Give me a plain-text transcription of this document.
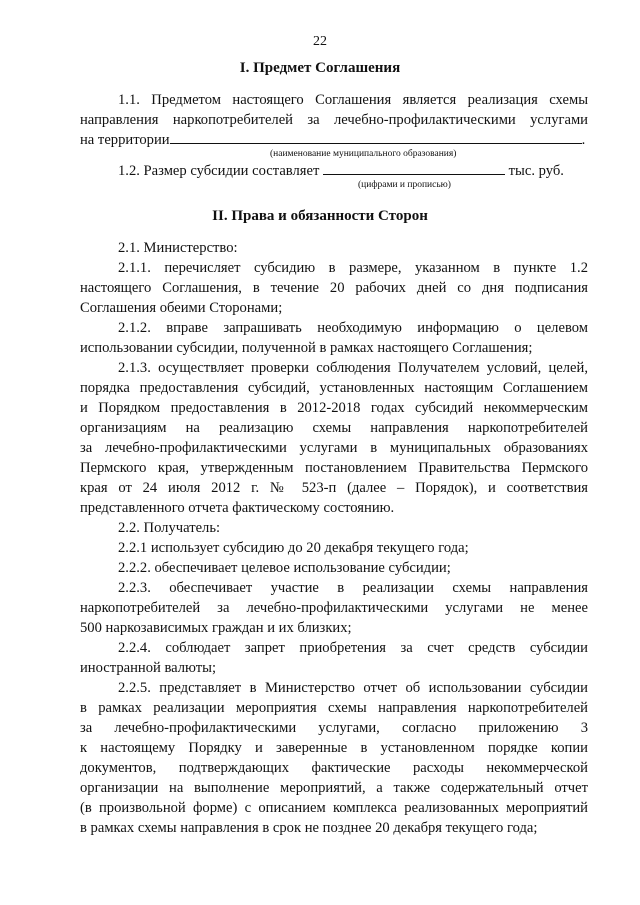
22
I. Предмет Соглашения
1.1. Предметом настоящего Соглашения является реализация схемы
направления наркопотребителей за лечебно-профилактическими услугами
на территории	.
(наименование муниципального образования)
1.2. Размер субсидии составляет	тыс. руб.
(цифрами и прописью)
II. Права и обязанности Сторон
2.1. Министерство:
2.1.1. перечисляет субсидию в размере, указанном в пункте 1.2
настоящего Соглашения, в течение 20 рабочих дней со дня подписания
Соглашения обеими Сторонами;
2.1.2. вправе запрашивать необходимую информацию о целевом
использовании субсидии, полученной в рамках настоящего Соглашения;
2.1.3. осуществляет проверки соблюдения Получателем условий, целей,
порядка предоставления субсидий, установленных настоящим Соглашением
и Порядком предоставления в 2012-2018 годах субсидий некоммерческим
организациям на реализацию схемы направления наркопотребителей
за лечебно-профилактическими услугами в муниципальных образованиях
Пермского края, утвержденным постановлением Правительства Пермского
края от 24 июля 2012 г. № 523-п (далее – Порядок), и соответствия
представленного отчета фактическому состоянию.
2.2. Получатель:
2.2.1 использует субсидию до 20 декабря текущего года;
2.2.2. обеспечивает целевое использование субсидии;
2.2.3. обеспечивает участие в реализации схемы направления
наркопотребителей за лечебно-профилактическими услугами не менее
500 наркозависимых граждан и их близких;
2.2.4. соблюдает запрет приобретения за счет средств субсидии
иностранной валюты;
2.2.5. представляет в Министерство отчет об использовании субсидии
в рамках реализации мероприятия схемы направления наркопотребителей
за лечебно-профилактическими услугами, согласно приложению 3
к настоящему Порядку и заверенные в установленном порядке копии
документов, подтверждающих фактические расходы некоммерческой
организации на выполнение мероприятий, а также содержательный отчет
(в произвольной форме) с описанием комплекса реализованных мероприятий
в рамках схемы направления в срок не позднее 20 декабря текущего года;
